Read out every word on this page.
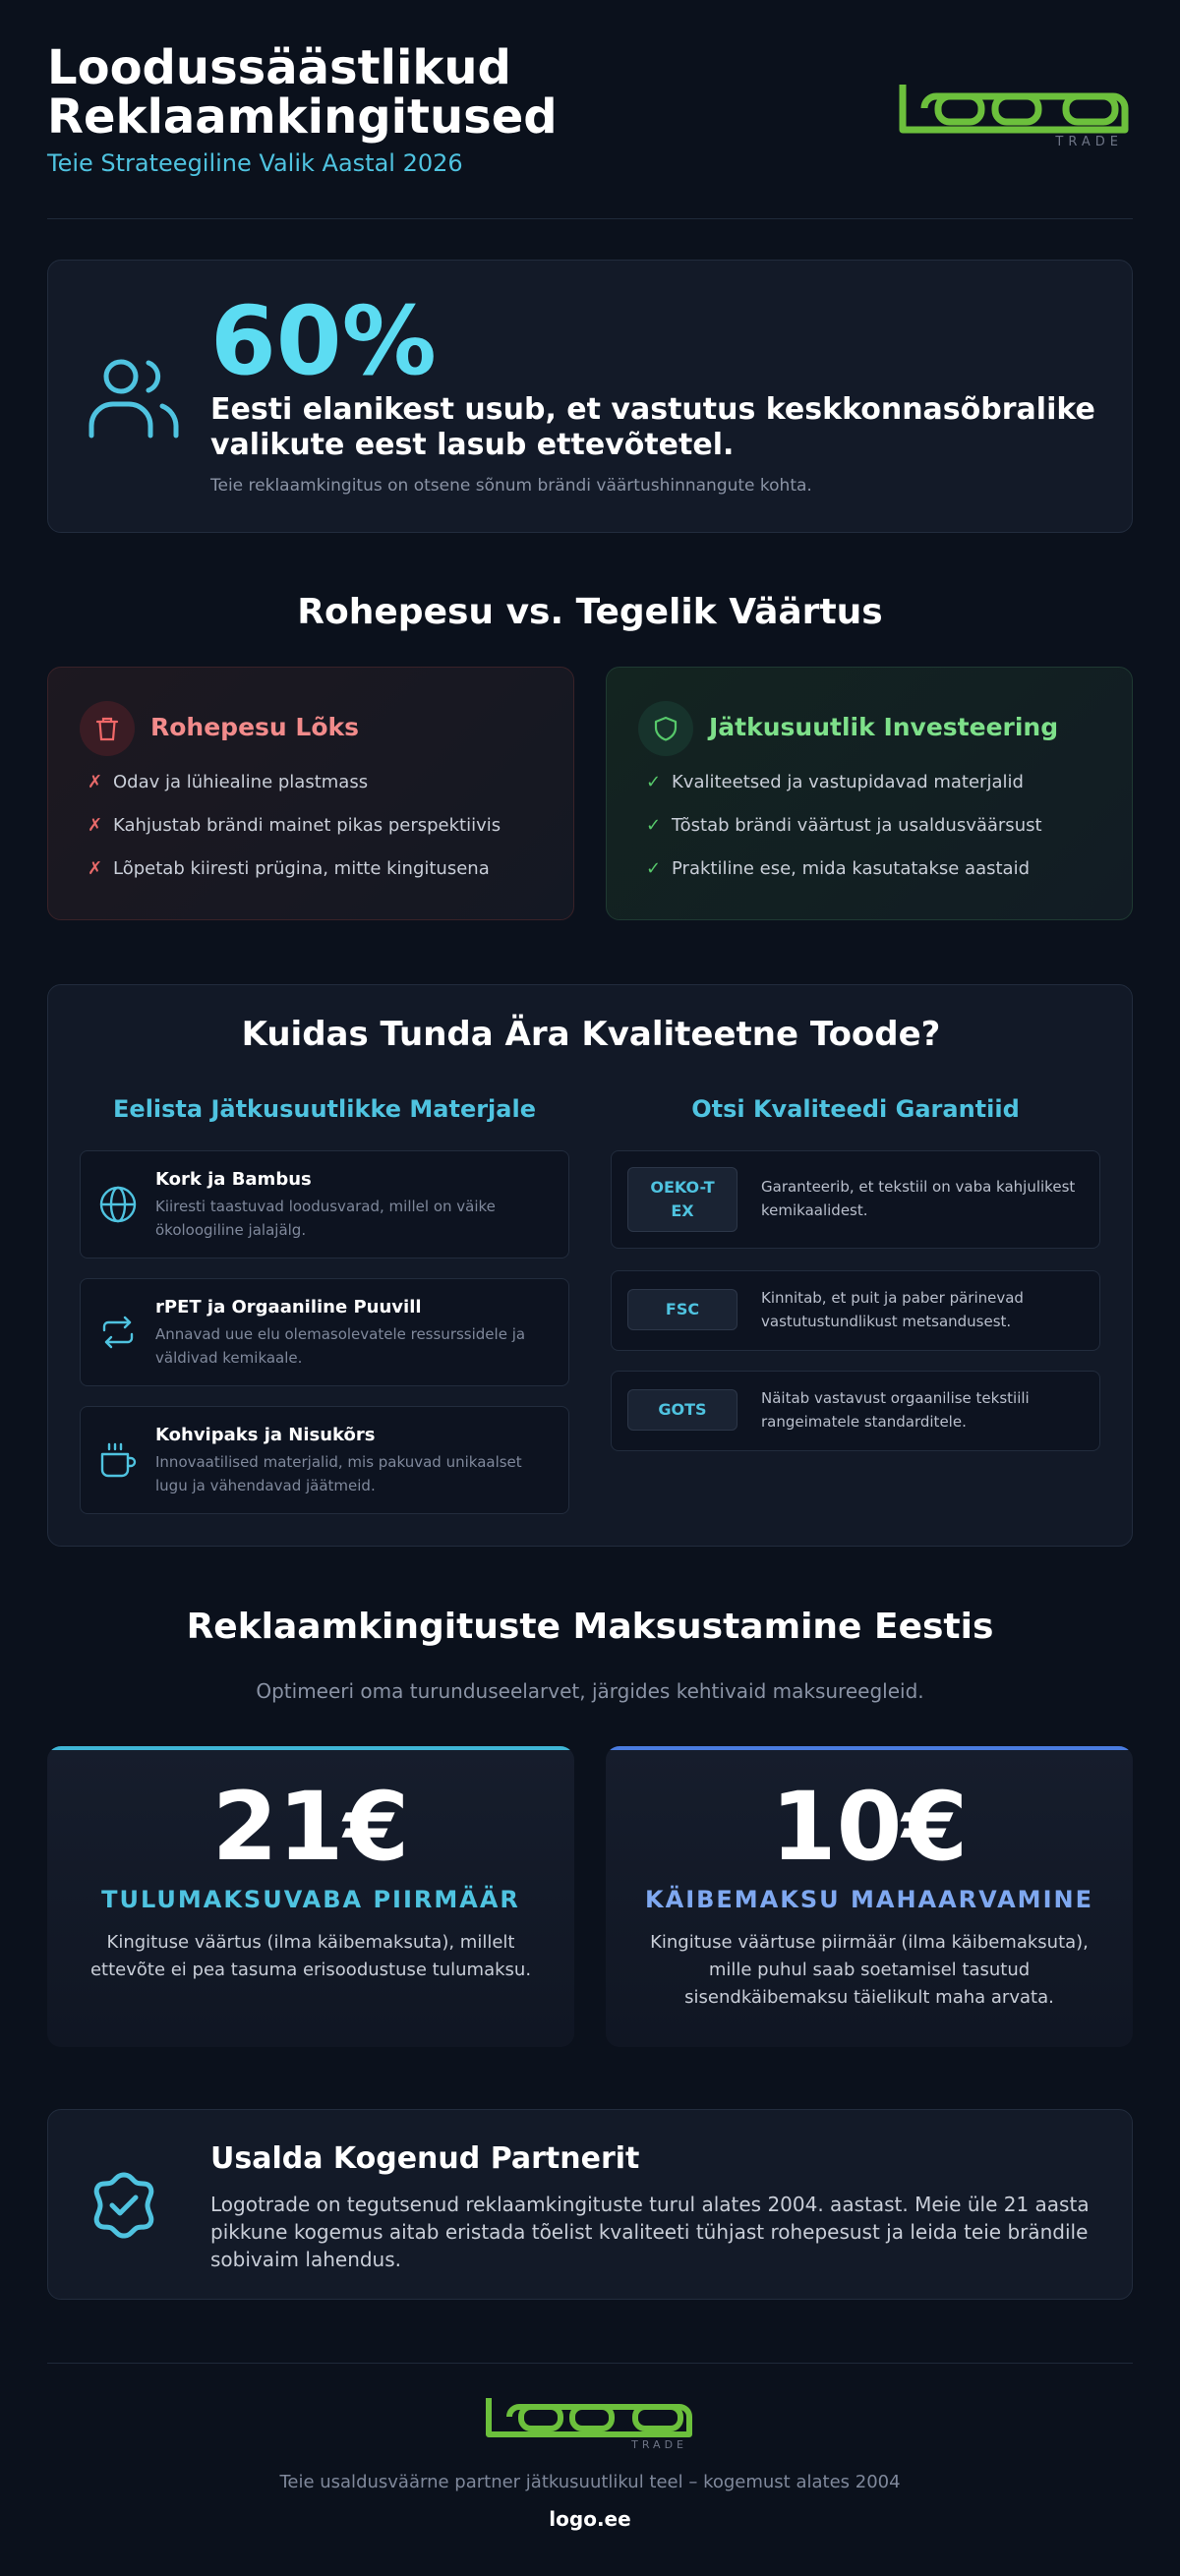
Loodussäästlikud
Reklaamkingitused
Teie Strateegiline Valik Aastal 2026
TRADE
60%
Eesti elanikest usub, et vastutus keskkonnasõbralike valikute eest lasub ettevõtetel.
Teie reklaamkingitus on otsene sõnum brändi väärtushinnangute kohta.
Rohepesu vs. Tegelik Väärtus
Rohepesu Lõks
✗ Odav ja lühiealine plastmass
✗ Kahjustab brändi mainet pikas perspektiivis
✗ Lõpetab kiiresti prügina, mitte kingitusena
Jätkusuutlik Investeering
✓ Kvaliteetsed ja vastupidavad materjalid
✓ Tõstab brändi väärtust ja usaldusväärsust
✓ Praktiline ese, mida kasutatakse aastaid
Kuidas Tunda Ära Kvaliteetne Toode?
Eelista Jätkusuutlikke Materjale	Otsi Kvaliteedi Garantiid
Kork ja Bambus
Kiiresti taastuvad loodusvarad, millel on väike ökoloogiline jalajälg.
rPET ja Orgaaniline Puuvill
Annavad uue elu olemasolevatele ressurssidele ja väldivad kemikaale.
Kohvipaks ja Nisukõrs
Innovaatilised materjalid, mis pakuvad unikaalset lugu ja vähendavad jäätmeid.
OEKO-TEX
Garanteerib, et tekstiil on vaba kahjulikest kemikaalidest.
FSC
Kinnitab, et puit ja paber pärinevad vastutustundlikust metsandusest.
GOTS
Näitab vastavust orgaanilise tekstiili rangeimatele standarditele.
Reklaamkingituste Maksustamine Eestis
Optimeeri oma turunduseelarvet, järgides kehtivaid maksureegleid.
21€
TULUMAKSUVABA PIIRMÄÄR
Kingituse väärtus (ilma käibemaksuta), millelt ettevõte ei pea tasuma erisoodustuse tulumaksu.
10€
KÄIBEMAKSU MAHAARVAMINE
Kingituse väärtuse piirmäär (ilma käibemaksuta), mille puhul saab soetamisel tasutud sisendkäibemaksu täielikult maha arvata.
Usalda Kogenud Partnerit
Logotrade on tegutsenud reklaamkingituste turul alates 2004. aastast. Meie üle 21 aasta pikkune kogemus aitab eristada tõelist kvaliteeti tühjast rohepesust ja leida teie brändile sobivaim lahendus.
TRADE
Teie usaldusväärne partner jätkusuutlikul teel – kogemust alates 2004
logo.ee
